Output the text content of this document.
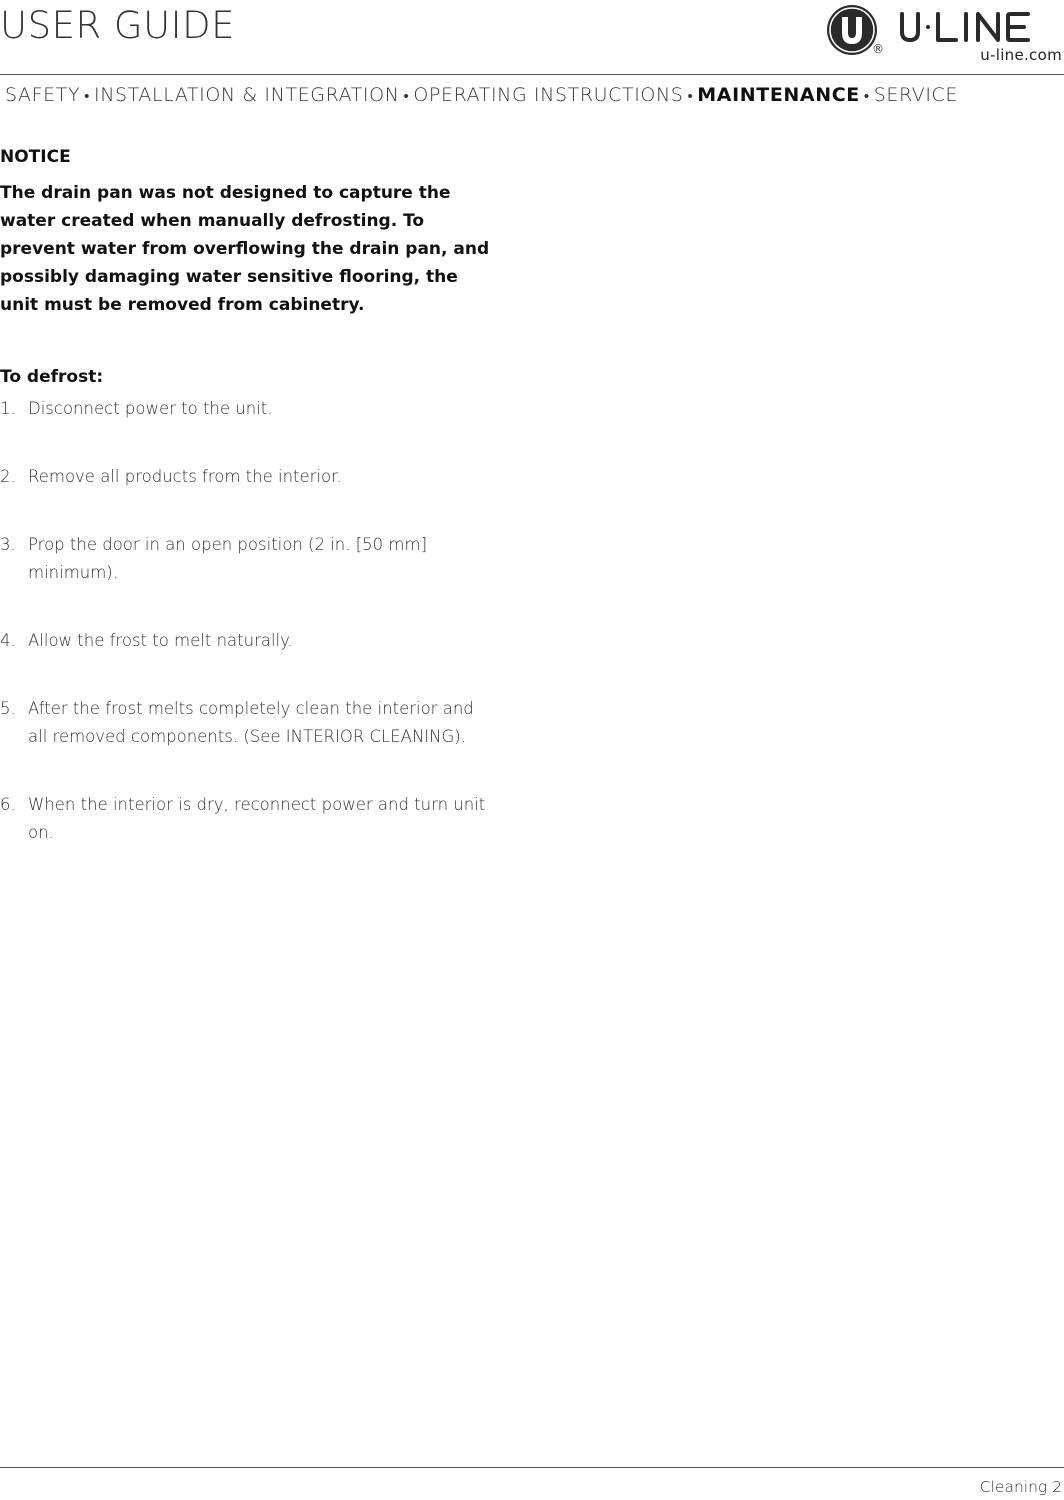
USER GUIDE
®	u-line.com
SAFETY • INSTALLATION & INTEGRATION • OPERATING INSTRUCTIONS • MAINTENANCE • SERVICE
NOTICE
The drain pan was not designed to capture the water created when manually defrosting. To prevent water from overflowing the drain pan, and possibly damaging water sensitive flooring, the unit must be removed from cabinetry.
To defrost:
1. Disconnect power to the unit.
2. Remove all products from the interior.
3. Prop the door in an open position (2 in. [50 mm] minimum).
4. Allow the frost to melt naturally.
5. After the frost melts completely clean the interior and all removed components. (See INTERIOR CLEANING).
6. When the interior is dry, reconnect power and turn unit on.
Cleaning 2
